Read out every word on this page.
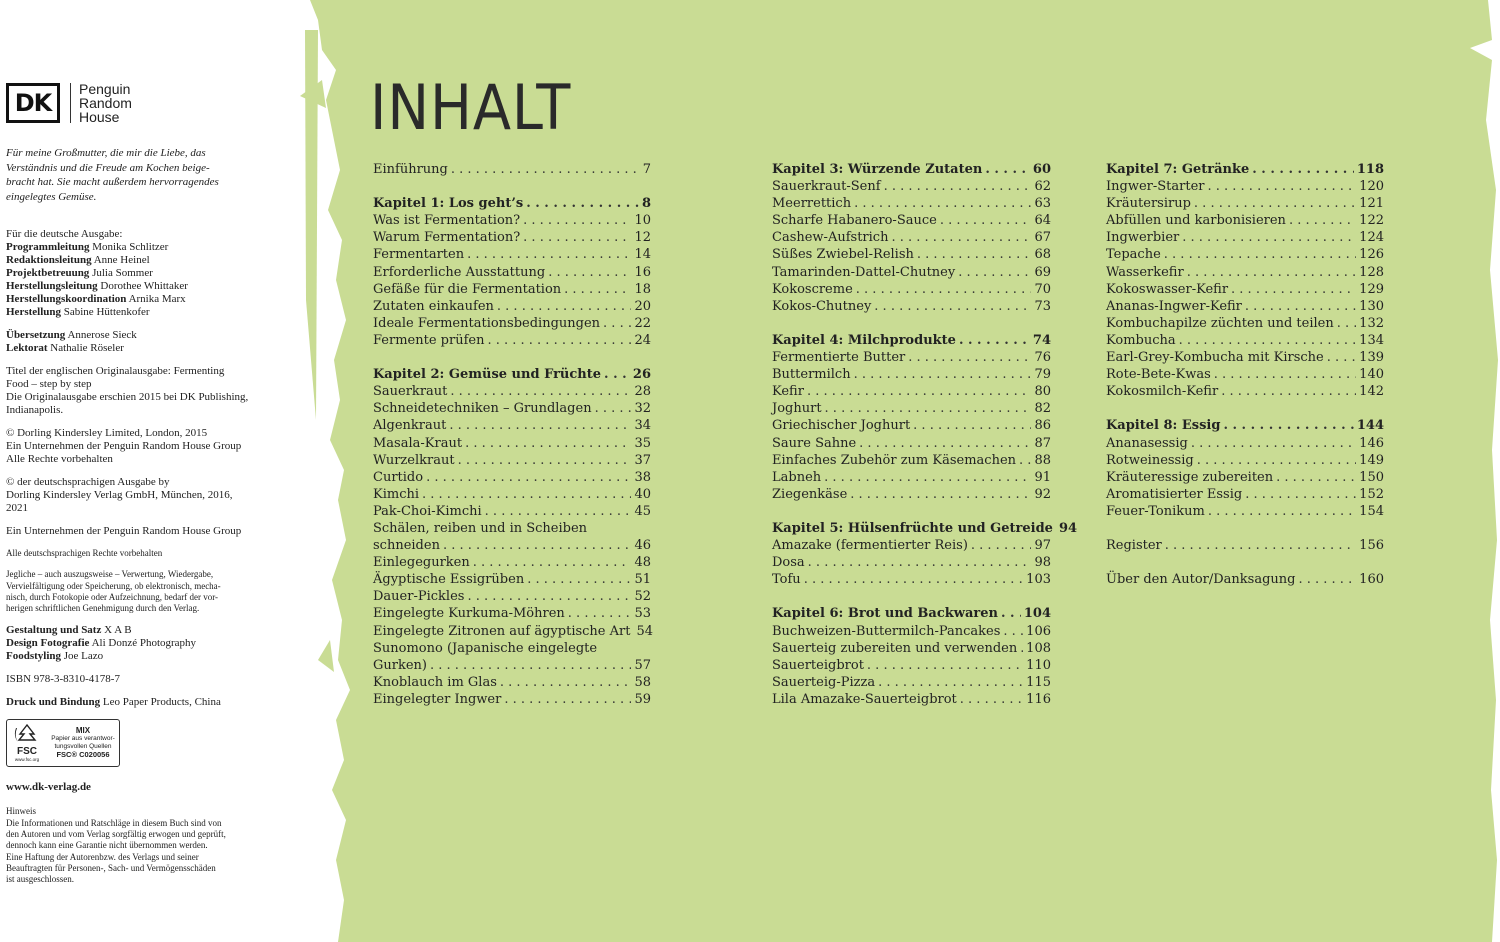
DK	Penguin
Random
House
Für meine Großmutter, die mir die Liebe, das
Verständnis und die Freude am Kochen beige-
bracht hat. Sie macht außerdem hervorragendes
eingelegtes Gemüse.
Für die deutsche Ausgabe:
Programmleitung Monika Schlitzer
Redaktionsleitung Anne Heinel
Projektbetreuung Julia Sommer
Herstellungsleitung Dorothee Whittaker
Herstellungskoordination Arnika Marx
Herstellung Sabine Hüttenkofer
Übersetzung Annerose Sieck
Lektorat Nathalie Röseler
Titel der englischen Originalausgabe: Fermenting
Food – step by step
Die Originalausgabe erschien 2015 bei DK Publishing,
Indianapolis.
© Dorling Kindersley Limited, London, 2015
Ein Unternehmen der Penguin Random House Group
Alle Rechte vorbehalten
© der deutschsprachigen Ausgabe by
Dorling Kindersley Verlag GmbH, München, 2016,
2021
Ein Unternehmen der Penguin Random House Group
Alle deutschsprachigen Rechte vorbehalten
Jegliche – auch auszugsweise – Verwertung, Wiedergabe,
Vervielfältigung oder Speicherung, ob elektronisch, mecha-
nisch, durch Fotokopie oder Aufzeichnung, bedarf der vor-
herigen schriftlichen Genehmigung durch den Verlag.
Gestaltung und Satz X A B
Design Fotografie Ali Donzé Photography
Foodstyling Joe Lazo
ISBN 978-3-8310-4178-7
Druck und Bindung Leo Paper Products, China
FSC
www.fsc.org
MIX
Papier aus verantwor-
tungsvollen Quellen
FSC® C020056
www.dk-verlag.de
Hinweis
Die Informationen und Ratschläge in diesem Buch sind von
den Autoren und vom Verlag sorgfältig erwogen und geprüft,
dennoch kann eine Garantie nicht übernommen werden.
Eine Haftung der Autorenbzw. des Verlags und seiner
Beauftragten für Personen-, Sach- und Vermögensschäden
ist ausgeschlossen.
INHALT
Einführung . . .	7
Kapitel 1: Los geht’s . . .	8
Was ist Fermentation? . . .	10
Warum Fermentation? . . .	12
Fermentarten . . .	14
Erforderliche Ausstattung . . .	16
Gefäße für die Fermentation . . .	18
Zutaten einkaufen . . .	20
Ideale Fermentationsbedingungen . . .	22
Fermente prüfen . . .	24
Kapitel 2: Gemüse und Früchte . . . 26
Sauerkraut . . .	28
Schneidetechniken – Grundlagen . . .	32
Algenkraut . . .	34
Masala-Kraut . . .	35
Wurzelkraut . . .	37
Curtido . . .	38
Kimchi . . .	40
Pak-Choi-Kimchi . . .	45
Schälen, reiben und in Scheiben
schneiden . . .	46
Einlegegurken . . .	48
Ägyptische Essigrüben . . .	51
Dauer-Pickles . . .	52
Eingelegte Kurkuma-Möhren . . .	53
Eingelegte Zitronen auf ägyptische Art 54
Sunomono (Japanische eingelegte
Gurken) . . .	57
Knoblauch im Glas . . .	58
Eingelegter Ingwer . . .	59
Kapitel 3: Würzende Zutaten . . .	60
Sauerkraut-Senf . . .	62
Meerrettich . . .	63
Scharfe Habanero-Sauce . . .	64
Cashew-Aufstrich . . .	67
Süßes Zwiebel-Relish . . .	68
Tamarinden-Dattel-Chutney . . .	69
Kokoscreme . . .	70
Kokos-Chutney . . .	73
Kapitel 4: Milchprodukte . . .	74
Fermentierte Butter . . .	76
Buttermilch . . .	79
Kefir . . .	80
Joghurt . . .	82
Griechischer Joghurt . . .	86
Saure Sahne . . .	87
Einfaches Zubehör zum Käsemachen . . . 88
Labneh . . .	91
Ziegenkäse . . .	92
Kapitel 5: Hülsenfrüchte und Getreide 94
Amazake (fermentierter Reis) . . .	97
Dosa . . .	98
Tofu . . .	103
Kapitel 6: Brot und Backwaren . . . 104
Buchweizen-Buttermilch-Pancakes . . . 106
Sauerteig zubereiten und verwenden . . . 108
Sauerteigbrot . . .	110
Sauerteig-Pizza . . .	115
Lila Amazake-Sauerteigbrot . . .	116
Kapitel 7: Getränke . . .	118
Ingwer-Starter . . .	120
Kräutersirup . . .	121
Abfüllen und karbonisieren . . .	122
Ingwerbier . . .	124
Tepache . . .	126
Wasserkefir . . .	128
Kokoswasser-Kefir . . .	129
Ananas-Ingwer-Kefir . . .	130
Kombuchapilze züchten und teilen . . . 132
Kombucha . . .	134
Earl-Grey-Kombucha mit Kirsche . . .	139
Rote-Bete-Kwas . . .	140
Kokosmilch-Kefir . . .	142
Kapitel 8: Essig . . .	144
Ananasessig . . .	146
Rotweinessig . . .	149
Kräuteressige zubereiten . . .	150
Aromatisierter Essig . . .	152
Feuer-Tonikum . . .	154
Register . . .	156
Über den Autor/Danksagung . . .	160
